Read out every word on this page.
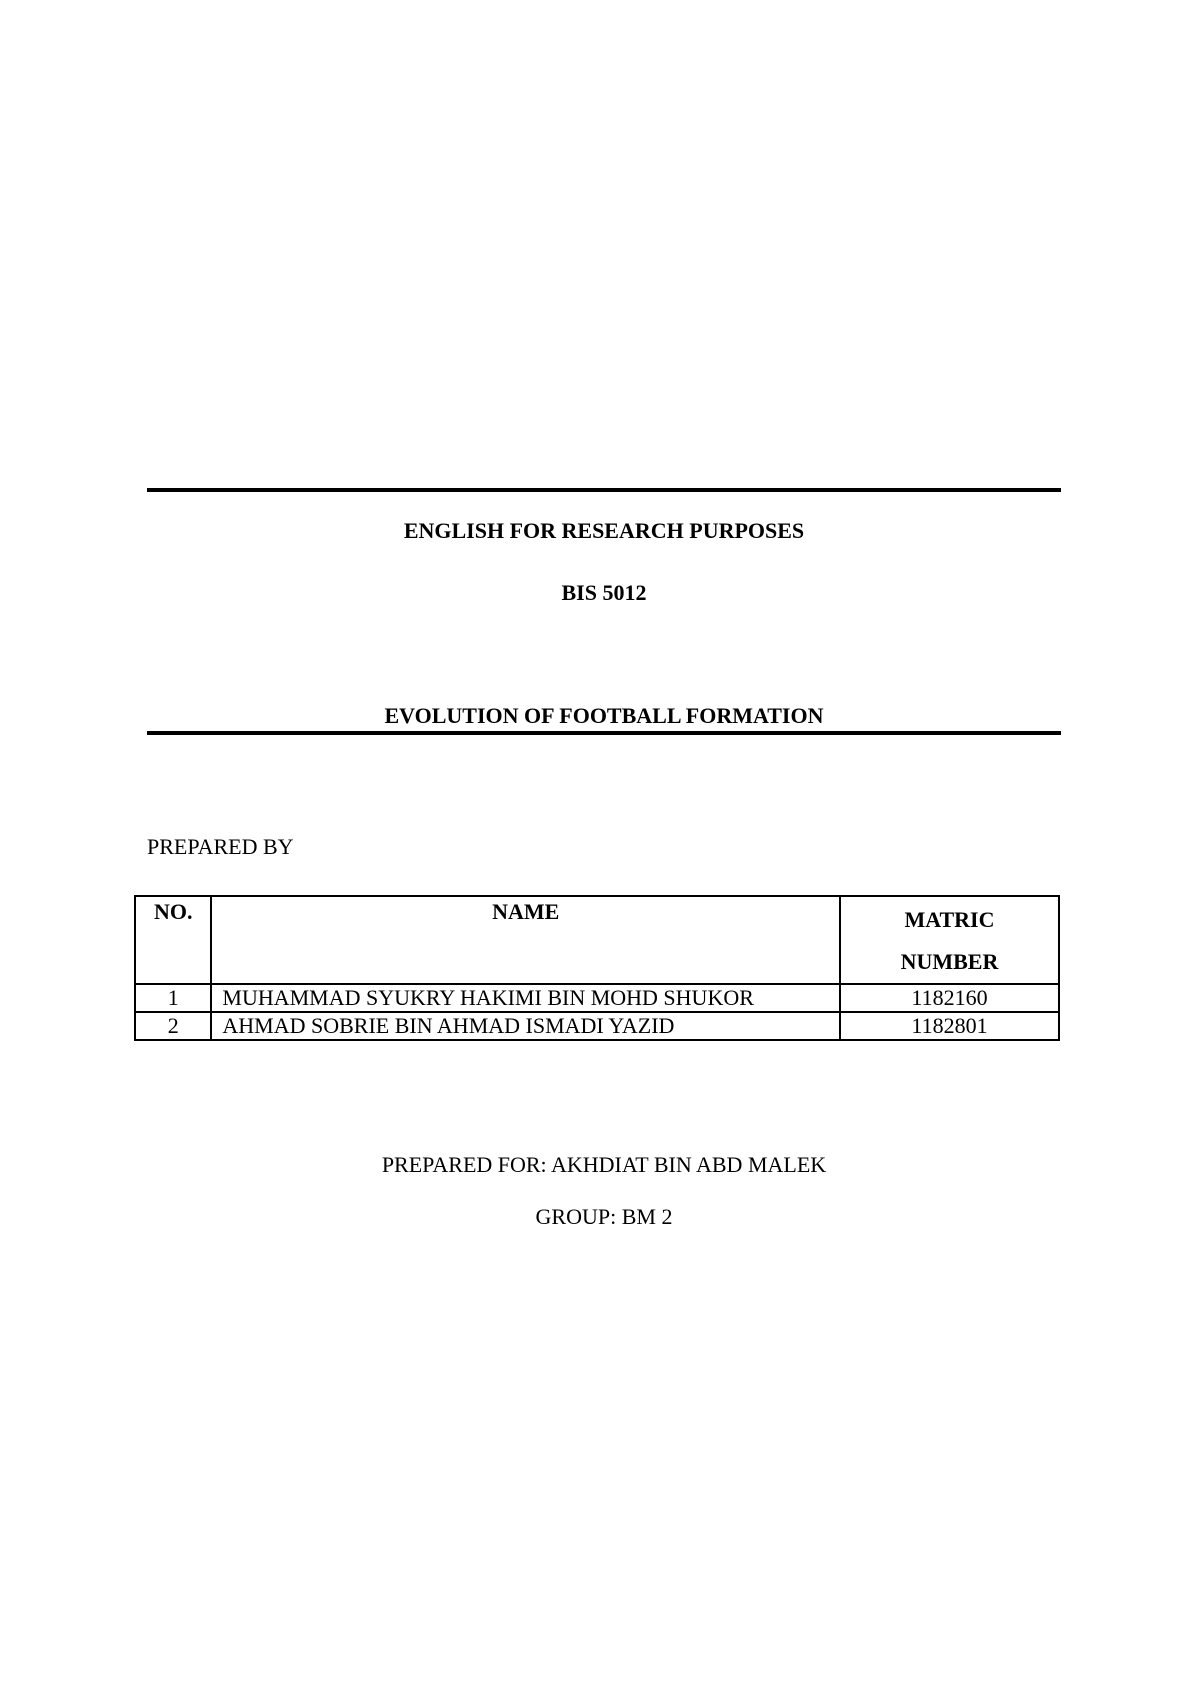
ENGLISH FOR RESEARCH PURPOSES
BIS 5012
EVOLUTION OF FOOTBALL FORMATION
PREPARED BY
NO.	NAME	MATRIC
NUMBER
1	MUHAMMAD SYUKRY HAKIMI BIN MOHD SHUKOR	1182160
2	AHMAD SOBRIE BIN AHMAD ISMADI YAZID	1182801
PREPARED FOR: AKHDIAT BIN ABD MALEK
GROUP: BM 2
